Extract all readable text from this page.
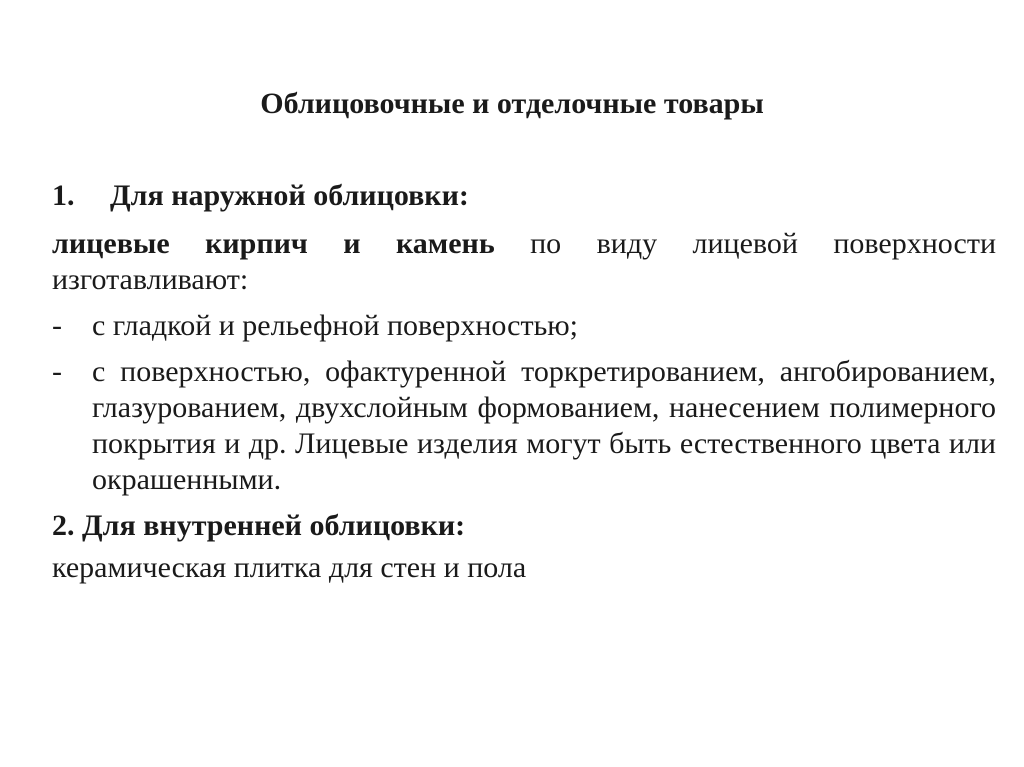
Облицовочные и отделочные товары
1. Для наружной облицовки:
лицевые кирпич и камень по виду лицевой поверхности изготавливают:
-	с гладкой и рельефной поверхностью;
-	с поверхностью, офактуренной торкретированием, ангобированием, глазурованием, двухслойным формованием, нанесением полимерного покрытия и др. Лицевые изделия могут быть естественного цвета или окрашенными.
2. Для внутренней облицовки:
керамическая плитка для стен и пола
